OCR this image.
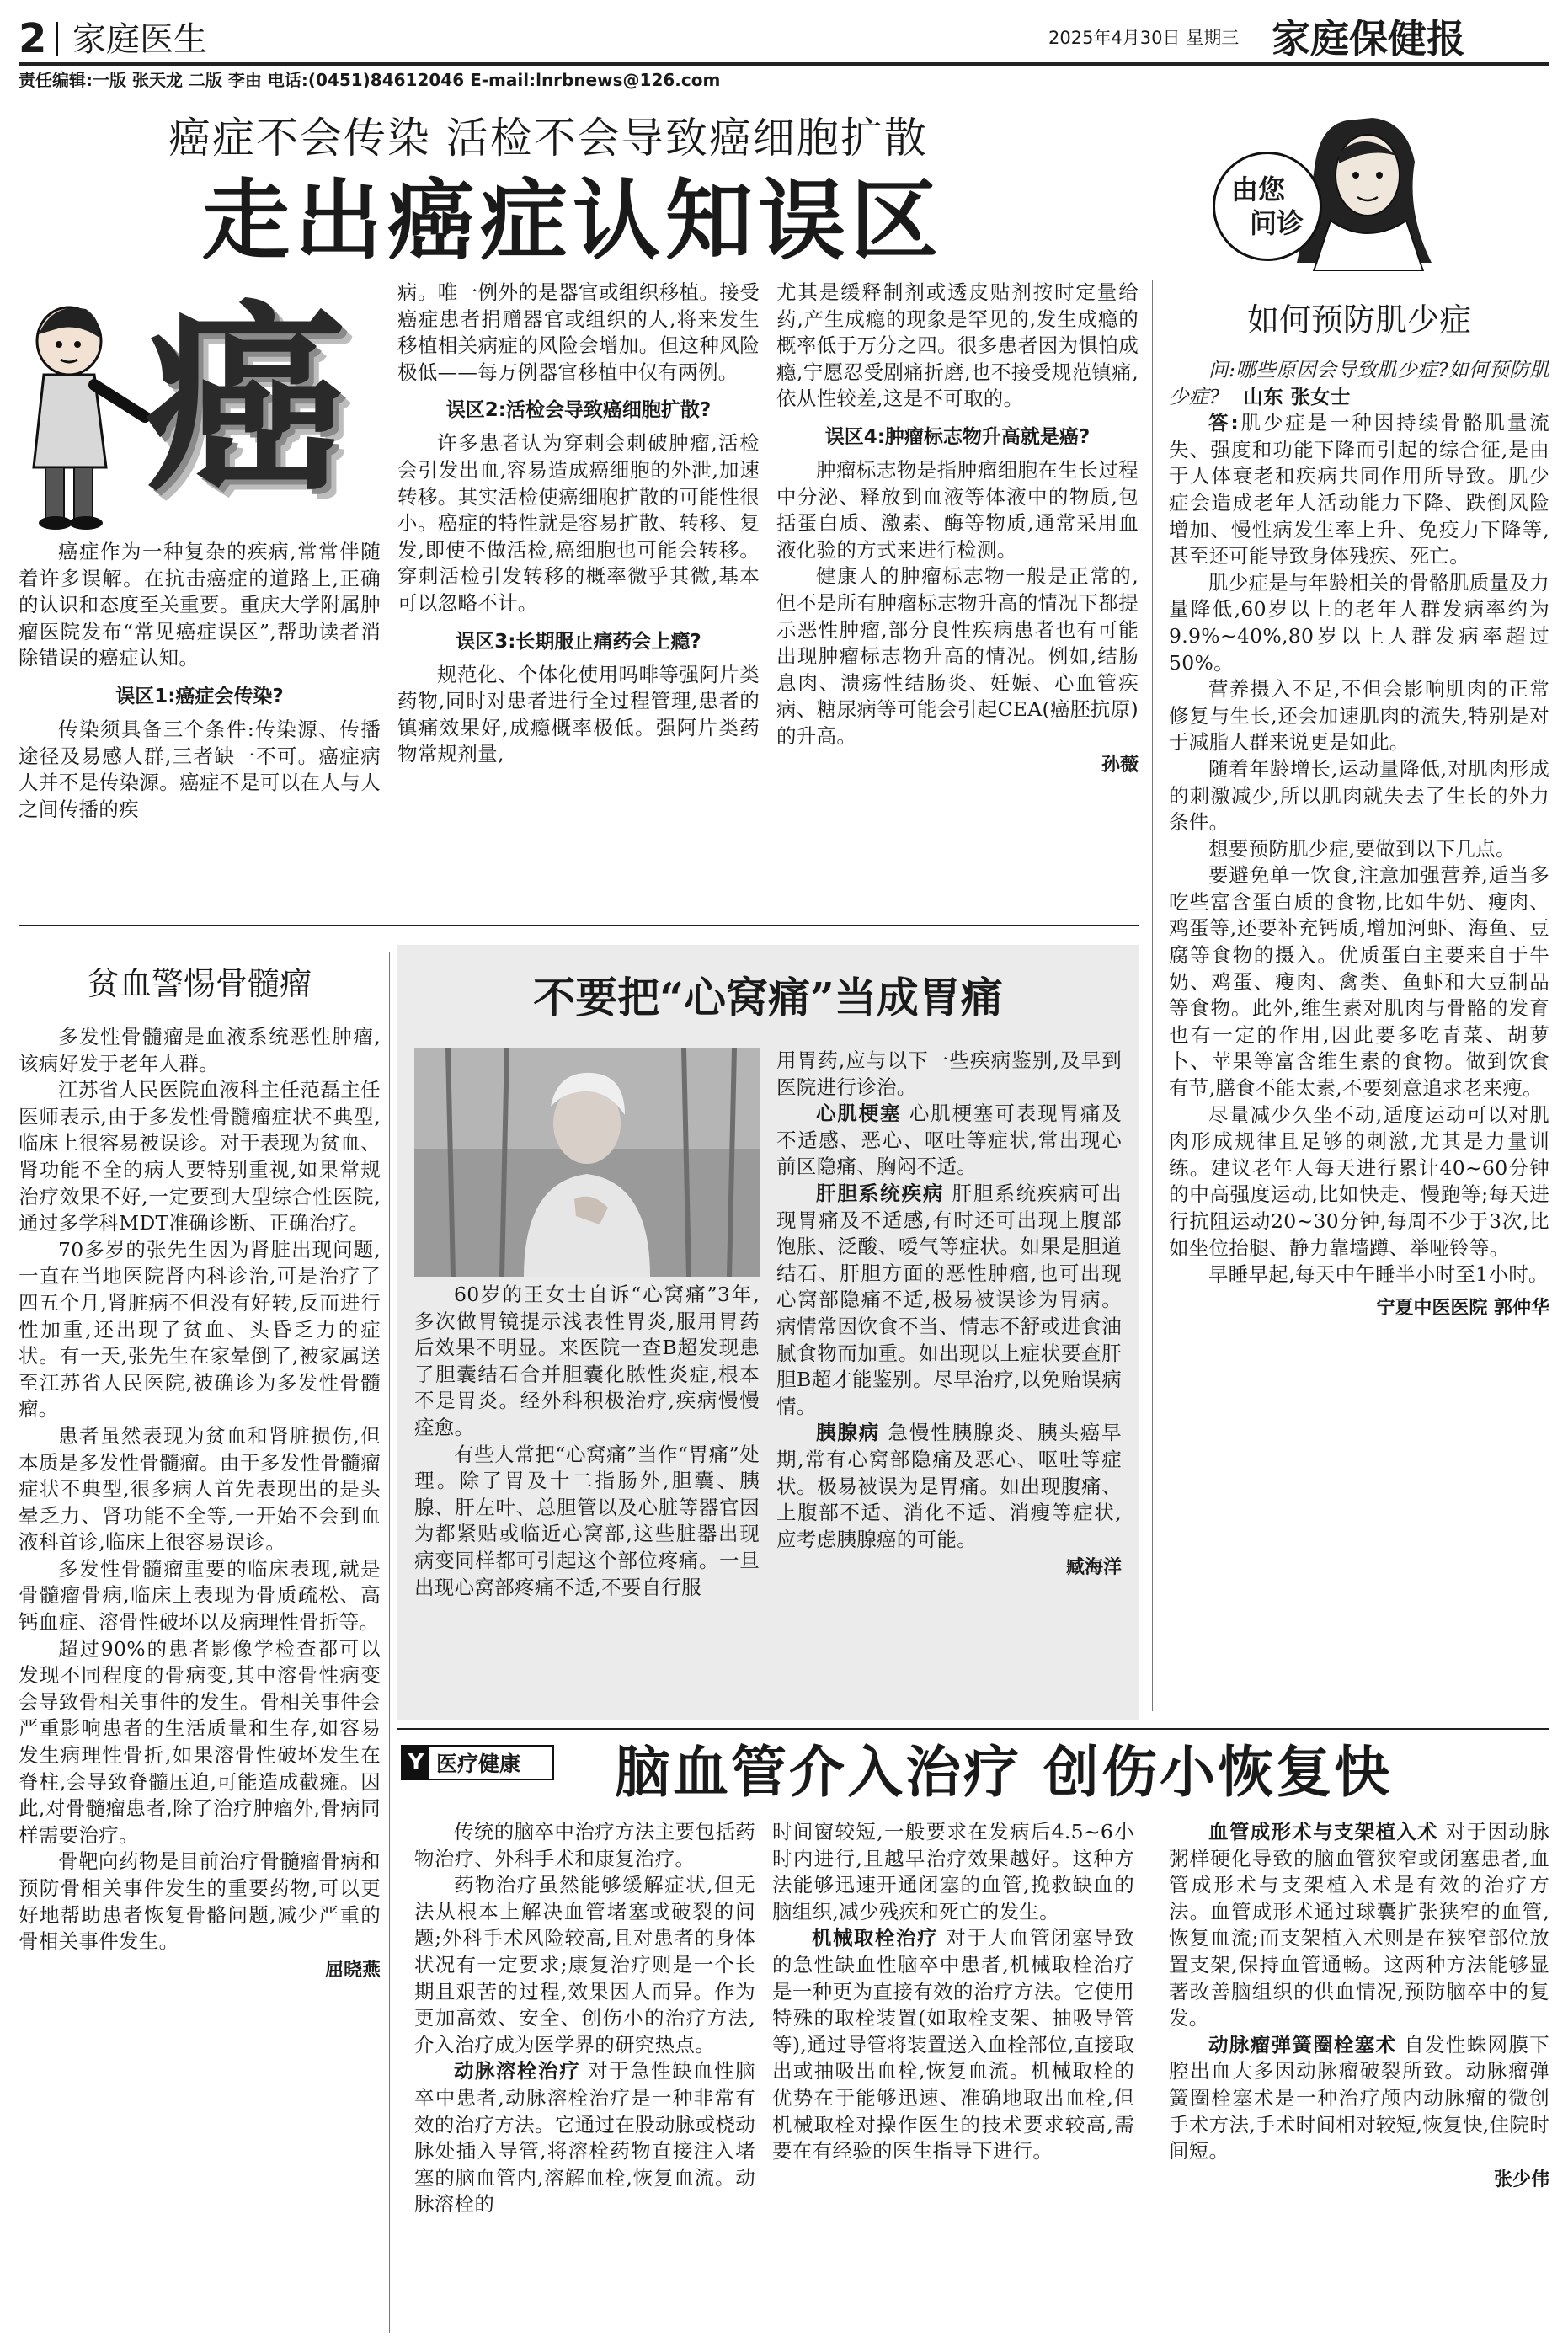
2 家庭医生	2025年4月30日 星期三 家庭保健报
责任编辑:一版 张天龙 二版 李由 电话:(0451)84612046 E-mail:lnrbnews@126.com
癌症不会传染 活检不会导致癌细胞扩散
走出癌症认知误区
癌

癌症作为一种复杂的疾病,常常伴随着许多误解。在抗击癌症的道路上,正确的认识和态度至关重要。重庆大学附属肿瘤医院发布“常见癌症误区”,帮助读者消除错误的癌症认知。

误区1:癌症会传染?

传染须具备三个条件:传染源、传播途径及易感人群,三者缺一不可。癌症病人并不是传染源。癌症不是可以在人与人之间传播的疾

病。唯一例外的是器官或组织移植。接受癌症患者捐赠器官或组织的人,将来发生移植相关病症的风险会增加。但这种风险极低——每万例器官移植中仅有两例。

误区2:活检会导致癌细胞扩散?

许多患者认为穿刺会刺破肿瘤,活检会引发出血,容易造成癌细胞的外泄,加速转移。其实活检使癌细胞扩散的可能性很小。癌症的特性就是容易扩散、转移、复发,即使不做活检,癌细胞也可能会转移。穿刺活检引发转移的概率微乎其微,基本可以忽略不计。

误区3:长期服止痛药会上瘾?

规范化、个体化使用吗啡等强阿片类药物,同时对患者进行全过程管理,患者的镇痛效果好,成瘾概率极低。强阿片类药物常规剂量,

尤其是缓释制剂或透皮贴剂按时定量给药,产生成瘾的现象是罕见的,发生成瘾的概率低于万分之四。很多患者因为惧怕成瘾,宁愿忍受剧痛折磨,也不接受规范镇痛,依从性较差,这是不可取的。

误区4:肿瘤标志物升高就是癌?

肿瘤标志物是指肿瘤细胞在生长过程中分泌、释放到血液等体液中的物质,包括蛋白质、激素、酶等物质,通常采用血液化验的方式来进行检测。

健康人的肿瘤标志物一般是正常的,但不是所有肿瘤标志物升高的情况下都提示恶性肿瘤,部分良性疾病患者也有可能出现肿瘤标志物升高的情况。例如,结肠息肉、溃疡性结肠炎、妊娠、心血管疾病、糖尿病等可能会引起CEA(癌胚抗原)的升高。

孙薇
由您
问诊
如何预防肌少症

问:哪些原因会导致肌少症?如何预防肌少症? 山东 张女士

答:肌少症是一种因持续骨骼肌量流失、强度和功能下降而引起的综合征,是由于人体衰老和疾病共同作用所导致。肌少症会造成老年人活动能力下降、跌倒风险增加、慢性病发生率上升、免疫力下降等,甚至还可能导致身体残疾、死亡。

肌少症是与年龄相关的骨骼肌质量及力量降低,60岁以上的老年人群发病率约为9.9%~40%,80岁以上人群发病率超过50%。

营养摄入不足,不但会影响肌肉的正常修复与生长,还会加速肌肉的流失,特别是对于减脂人群来说更是如此。

随着年龄增长,运动量降低,对肌肉形成的刺激减少,所以肌肉就失去了生长的外力条件。

想要预防肌少症,要做到以下几点。

要避免单一饮食,注意加强营养,适当多吃些富含蛋白质的食物,比如牛奶、瘦肉、鸡蛋等,还要补充钙质,增加河虾、海鱼、豆腐等食物的摄入。优质蛋白主要来自于牛奶、鸡蛋、瘦肉、禽类、鱼虾和大豆制品等食物。此外,维生素对肌肉与骨骼的发育也有一定的作用,因此要多吃青菜、胡萝卜、苹果等富含维生素的食物。做到饮食有节,膳食不能太素,不要刻意追求老来瘦。

尽量减少久坐不动,适度运动可以对肌肉形成规律且足够的刺激,尤其是力量训练。建议老年人每天进行累计40~60分钟的中高强度运动,比如快走、慢跑等;每天进行抗阻运动20~30分钟,每周不少于3次,比如坐位抬腿、静力靠墙蹲、举哑铃等。

早睡早起,每天中午睡半小时至1小时。

宁夏中医医院 郭仲华
贫血警惕骨髓瘤

多发性骨髓瘤是血液系统恶性肿瘤,该病好发于老年人群。

江苏省人民医院血液科主任范磊主任医师表示,由于多发性骨髓瘤症状不典型,临床上很容易被误诊。对于表现为贫血、肾功能不全的病人要特别重视,如果常规治疗效果不好,一定要到大型综合性医院,通过多学科MDT准确诊断、正确治疗。

70多岁的张先生因为肾脏出现问题,一直在当地医院肾内科诊治,可是治疗了四五个月,肾脏病不但没有好转,反而进行性加重,还出现了贫血、头昏乏力的症状。有一天,张先生在家晕倒了,被家属送至江苏省人民医院,被确诊为多发性骨髓瘤。

患者虽然表现为贫血和肾脏损伤,但本质是多发性骨髓瘤。由于多发性骨髓瘤症状不典型,很多病人首先表现出的是头晕乏力、肾功能不全等,一开始不会到血液科首诊,临床上很容易误诊。

多发性骨髓瘤重要的临床表现,就是骨髓瘤骨病,临床上表现为骨质疏松、高钙血症、溶骨性破坏以及病理性骨折等。

超过90%的患者影像学检查都可以发现不同程度的骨病变,其中溶骨性病变会导致骨相关事件的发生。骨相关事件会严重影响患者的生活质量和生存,如容易发生病理性骨折,如果溶骨性破坏发生在脊柱,会导致脊髓压迫,可能造成截瘫。因此,对骨髓瘤患者,除了治疗肿瘤外,骨病同样需要治疗。

骨靶向药物是目前治疗骨髓瘤骨病和预防骨相关事件发生的重要药物,可以更好地帮助患者恢复骨骼问题,减少严重的骨相关事件发生。

屈晓燕
不要把“心窝痛”当成胃痛

60岁的王女士自诉“心窝痛”3年,多次做胃镜提示浅表性胃炎,服用胃药后效果不明显。来医院一查B超发现患了胆囊结石合并胆囊化脓性炎症,根本不是胃炎。经外科积极治疗,疾病慢慢痊愈。

有些人常把“心窝痛”当作“胃痛”处理。除了胃及十二指肠外,胆囊、胰腺、肝左叶、总胆管以及心脏等器官因为都紧贴或临近心窝部,这些脏器出现病变同样都可引起这个部位疼痛。一旦出现心窝部疼痛不适,不要自行服

用胃药,应与以下一些疾病鉴别,及早到医院进行诊治。

心肌梗塞 心肌梗塞可表现胃痛及不适感、恶心、呕吐等症状,常出现心前区隐痛、胸闷不适。

肝胆系统疾病 肝胆系统疾病可出现胃痛及不适感,有时还可出现上腹部饱胀、泛酸、嗳气等症状。如果是胆道结石、肝胆方面的恶性肿瘤,也可出现心窝部隐痛不适,极易被误诊为胃病。病情常因饮食不当、情志不舒或进食油腻食物而加重。如出现以上症状要查肝胆B超才能鉴别。尽早治疗,以免贻误病情。

胰腺病 急慢性胰腺炎、胰头癌早期,常有心窝部隐痛及恶心、呕吐等症状。极易被误为是胃痛。如出现腹痛、上腹部不适、消化不适、消瘦等症状,应考虑胰腺癌的可能。

臧海洋
Y 医疗健康 脑血管介入治疗 创伤小恢复快

传统的脑卒中治疗方法主要包括药物治疗、外科手术和康复治疗。

药物治疗虽然能够缓解症状,但无法从根本上解决血管堵塞或破裂的问题;外科手术风险较高,且对患者的身体状况有一定要求;康复治疗则是一个长期且艰苦的过程,效果因人而异。作为更加高效、安全、创伤小的治疗方法,介入治疗成为医学界的研究热点。

动脉溶栓治疗 对于急性缺血性脑卒中患者,动脉溶栓治疗是一种非常有效的治疗方法。它通过在股动脉或桡动脉处插入导管,将溶栓药物直接注入堵塞的脑血管内,溶解血栓,恢复血流。动脉溶栓的

时间窗较短,一般要求在发病后4.5~6小时内进行,且越早治疗效果越好。这种方法能够迅速开通闭塞的血管,挽救缺血的脑组织,减少残疾和死亡的发生。

机械取栓治疗 对于大血管闭塞导致的急性缺血性脑卒中患者,机械取栓治疗是一种更为直接有效的治疗方法。它使用特殊的取栓装置(如取栓支架、抽吸导管等),通过导管将装置送入血栓部位,直接取出或抽吸出血栓,恢复血流。机械取栓的优势在于能够迅速、准确地取出血栓,但机械取栓对操作医生的技术要求较高,需要在有经验的医生指导下进行。

血管成形术与支架植入术 对于因动脉粥样硬化导致的脑血管狭窄或闭塞患者,血管成形术与支架植入术是有效的治疗方法。血管成形术通过球囊扩张狭窄的血管,恢复血流;而支架植入术则是在狭窄部位放置支架,保持血管通畅。这两种方法能够显著改善脑组织的供血情况,预防脑卒中的复发。

动脉瘤弹簧圈栓塞术 自发性蛛网膜下腔出血大多因动脉瘤破裂所致。动脉瘤弹簧圈栓塞术是一种治疗颅内动脉瘤的微创手术方法,手术时间相对较短,恢复快,住院时间短。

张少伟
